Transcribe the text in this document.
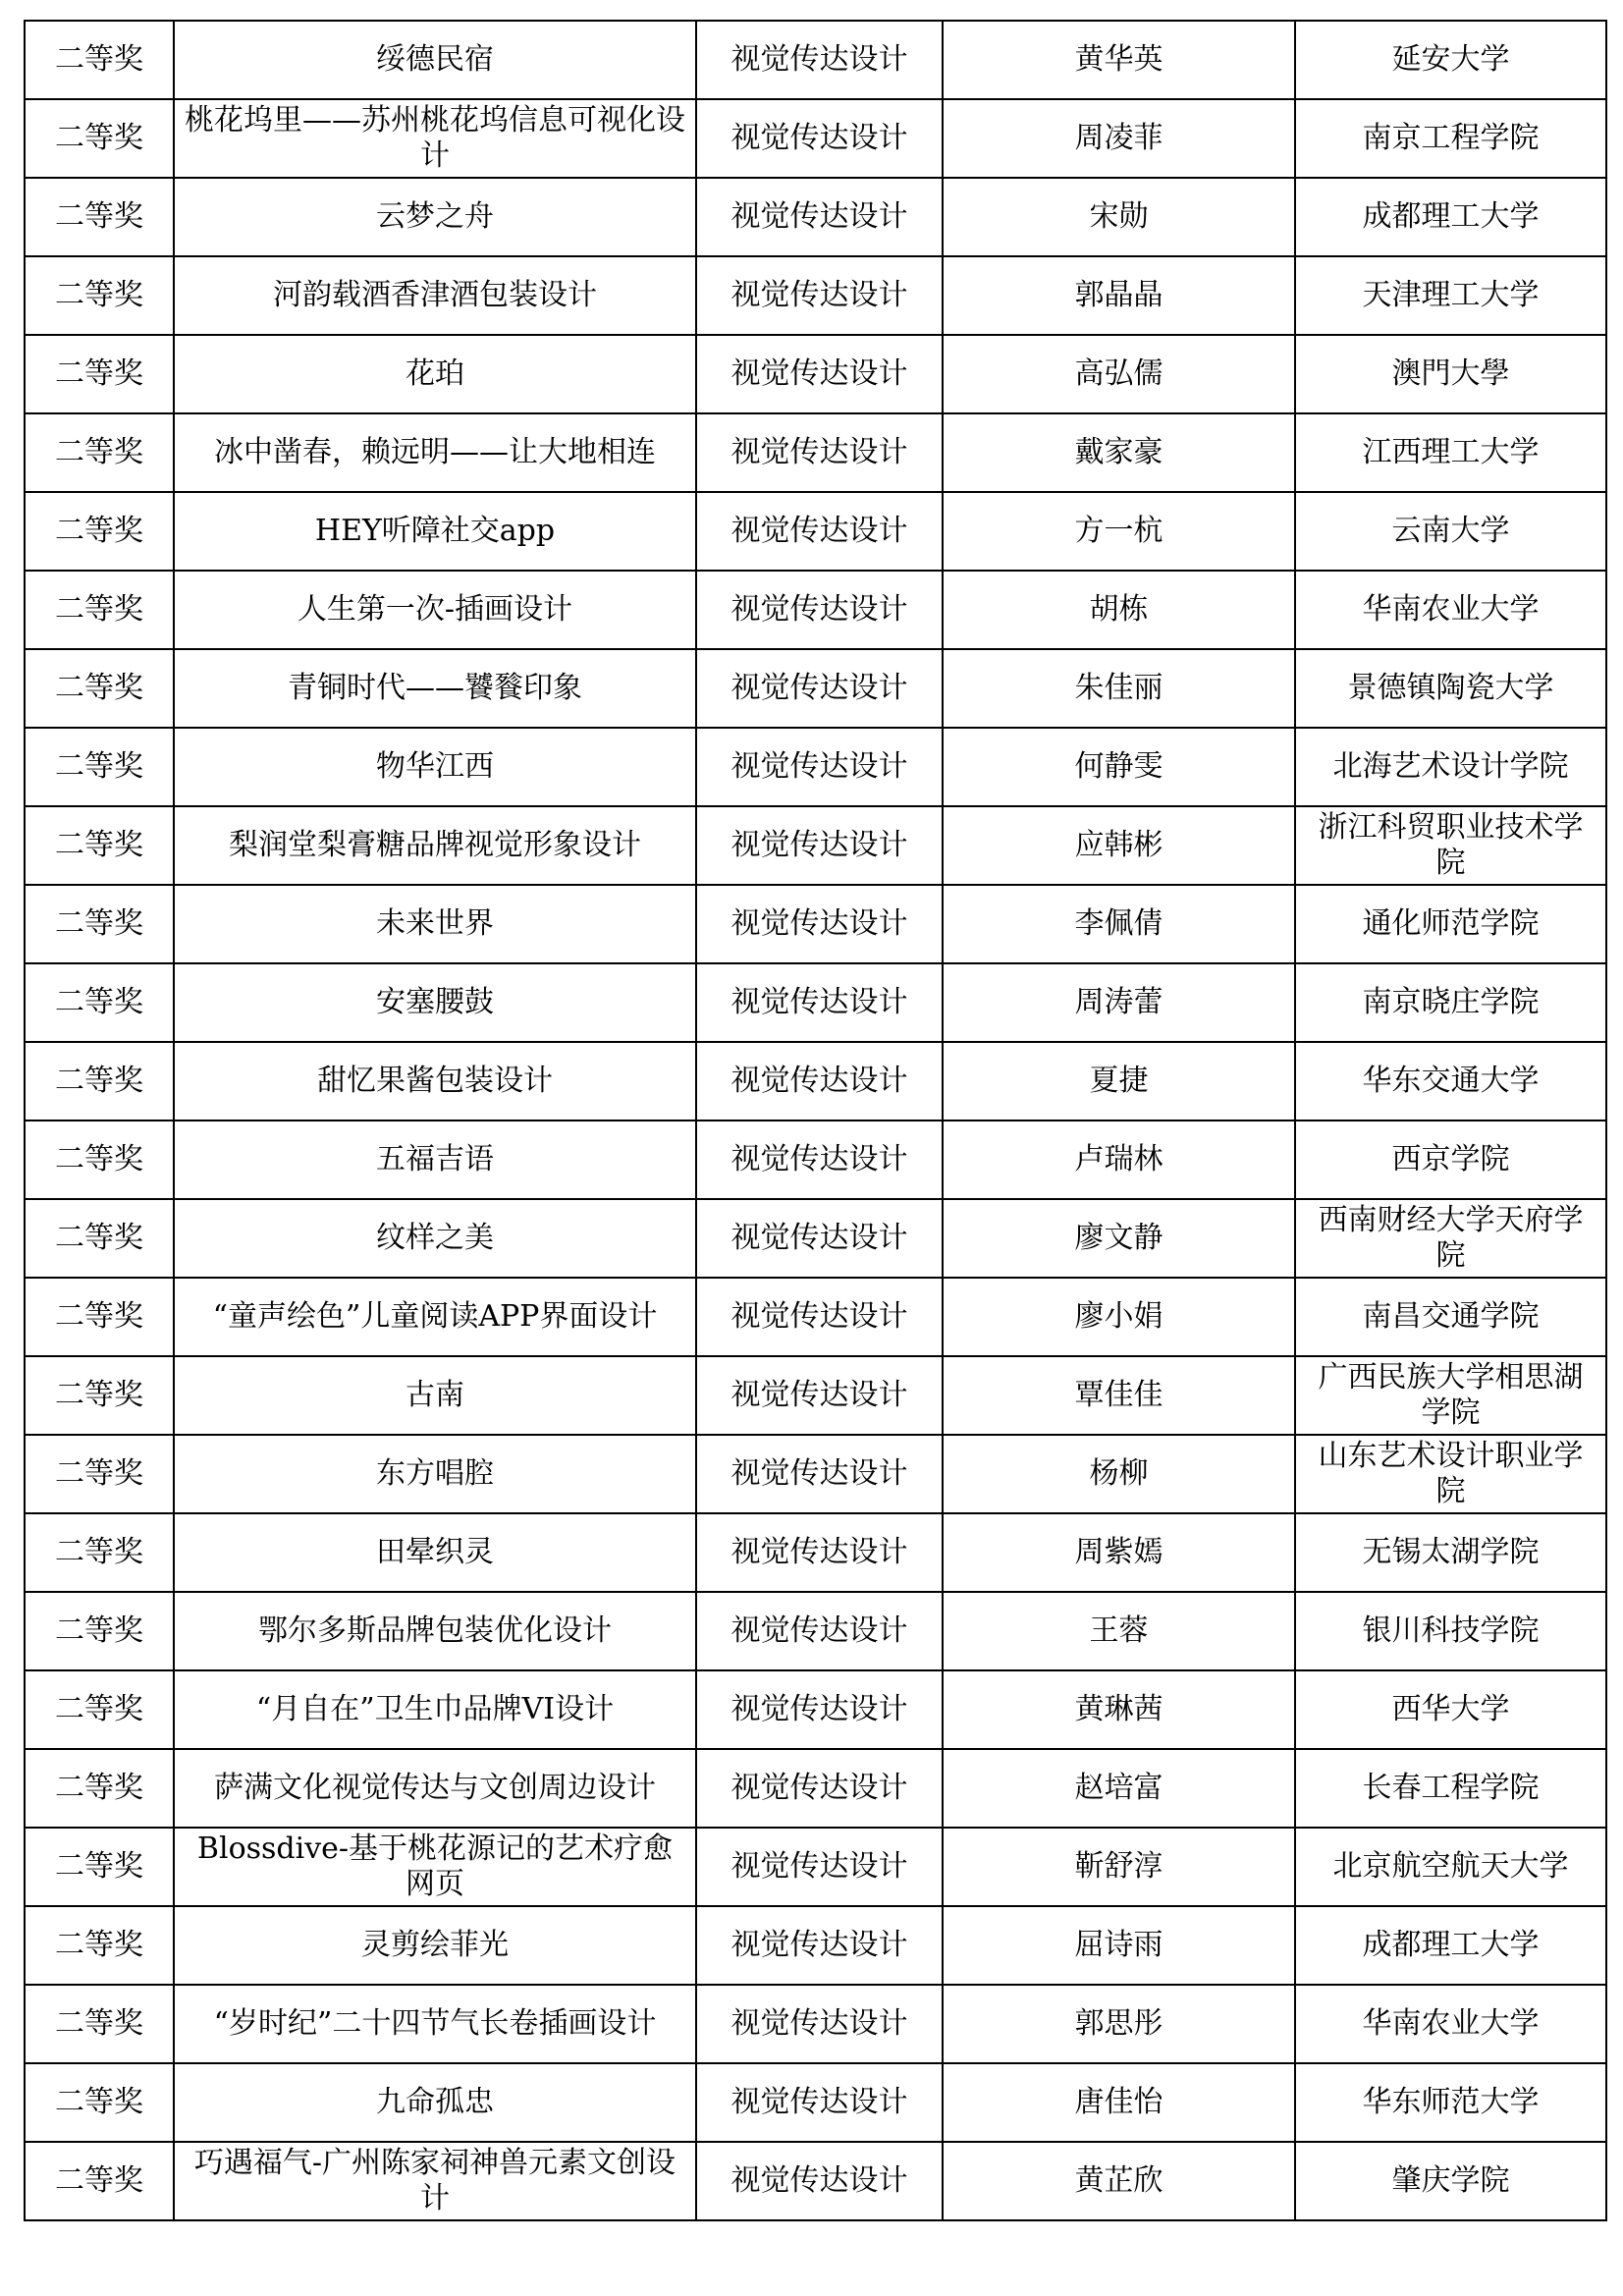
二等奖	绥德民宿	视觉传达设计	黄华英	延安大学
二等奖	桃花坞里——苏州桃花坞信息可视化设计	视觉传达设计	周凌菲	南京工程学院
二等奖	云梦之舟	视觉传达设计	宋勋	成都理工大学
二等奖	河韵载酒香津酒包装设计	视觉传达设计	郭晶晶	天津理工大学
二等奖	花珀	视觉传达设计	高弘儒	澳門大學
二等奖	冰中凿春，赖远明——让大地相连	视觉传达设计	戴家豪	江西理工大学
二等奖	HEY听障社交app	视觉传达设计	方一杭	云南大学
二等奖	人生第一次-插画设计	视觉传达设计	胡栋	华南农业大学
二等奖	青铜时代——饕餮印象	视觉传达设计	朱佳丽	景德镇陶瓷大学
二等奖	物华江西	视觉传达设计	何静雯	北海艺术设计学院
二等奖	梨润堂梨膏糖品牌视觉形象设计	视觉传达设计	应韩彬	浙江科贸职业技术学院
二等奖	未来世界	视觉传达设计	李佩倩	通化师范学院
二等奖	安塞腰鼓	视觉传达设计	周涛蕾	南京晓庄学院
二等奖	甜忆果酱包装设计	视觉传达设计	夏捷	华东交通大学
二等奖	五福吉语	视觉传达设计	卢瑞林	西京学院
二等奖	纹样之美	视觉传达设计	廖文静	西南财经大学天府学院
二等奖	“童声绘色”儿童阅读APP界面设计	视觉传达设计	廖小娟	南昌交通学院
二等奖	古南	视觉传达设计	覃佳佳	广西民族大学相思湖学院
二等奖	东方唱腔	视觉传达设计	杨柳	山东艺术设计职业学院
二等奖	田晕织灵	视觉传达设计	周紫嫣	无锡太湖学院
二等奖	鄂尔多斯品牌包装优化设计	视觉传达设计	王蓉	银川科技学院
二等奖	“月自在”卫生巾品牌VI设计	视觉传达设计	黄琳茜	西华大学
二等奖	萨满文化视觉传达与文创周边设计	视觉传达设计	赵培富	长春工程学院
二等奖	Blossdive-基于桃花源记的艺术疗愈网页	视觉传达设计	靳舒淳	北京航空航天大学
二等奖	灵剪绘菲光	视觉传达设计	屈诗雨	成都理工大学
二等奖	“岁时纪”二十四节气长卷插画设计	视觉传达设计	郭思彤	华南农业大学
二等奖	九命孤忠	视觉传达设计	唐佳怡	华东师范大学
二等奖	巧遇福气-广州陈家祠神兽元素文创设计	视觉传达设计	黄芷欣	肇庆学院
